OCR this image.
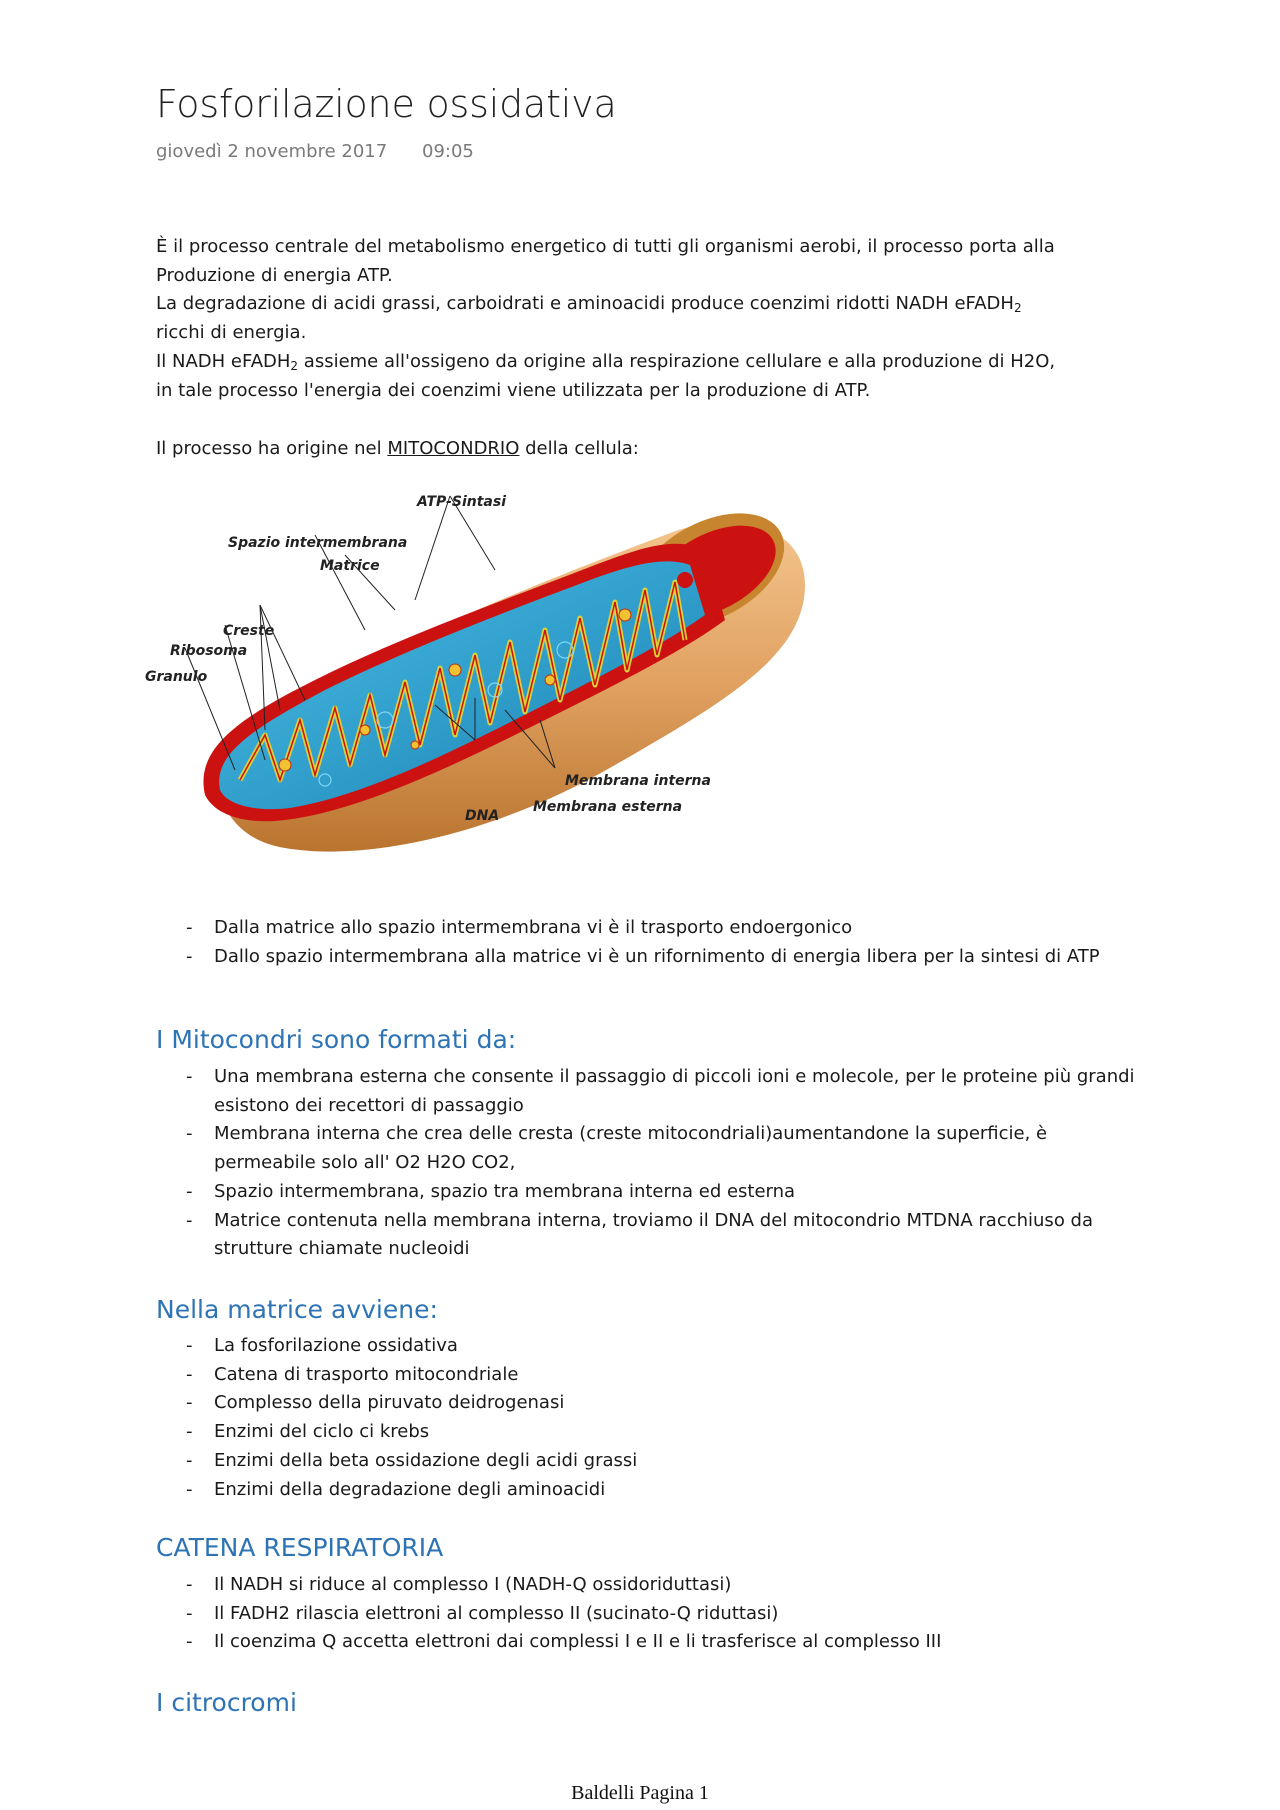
Fosforilazione ossidativa
giovedì 2 novembre 2017 09:05
È il processo centrale del metabolismo energetico di tutti gli organismi aerobi, il processo porta alla
Produzione di energia ATP.
La degradazione di acidi grassi, carboidrati e aminoacidi produce coenzimi ridotti NADH eFADH$_2$
ricchi di energia.
Il NADH eFADH$_2$ assieme all'ossigeno da origine alla respirazione cellulare e alla produzione di H2O,
in tale processo l'energia dei coenzimi viene utilizzata per la produzione di ATP.
Il processo ha origine nel MITOCONDRIO della cellula:
ATP-Sintasi
Spazio intermembrana
Matrice
Creste
Ribosoma
Granulo
Membrana interna
Membrana esterna
DNA
- Dalla matrice allo spazio intermembrana vi è il trasporto endoergonico
- Dallo spazio intermembrana alla matrice vi è un rifornimento di energia libera per la sintesi di ATP
I Mitocondri sono formati da:
- Una membrana esterna che consente il passaggio di piccoli ioni e molecole, per le proteine più grandi esistono dei recettori di passaggio
- Membrana interna che crea delle cresta (creste mitocondriali)aumentandone la superficie, è permeabile solo all' O2 H2O CO2,
- Spazio intermembrana, spazio tra membrana interna ed esterna
- Matrice contenuta nella membrana interna, troviamo il DNA del mitocondrio MTDNA racchiuso da strutture chiamate nucleoidi
Nella matrice avviene:
- La fosforilazione ossidativa
- Catena di trasporto mitocondriale
- Complesso della piruvato deidrogenasi
- Enzimi del ciclo ci krebs
- Enzimi della beta ossidazione degli acidi grassi
- Enzimi della degradazione degli aminoacidi
CATENA RESPIRATORIA
- Il NADH si riduce al complesso I (NADH-Q ossidoriduttasi)
- Il FADH2 rilascia elettroni al complesso II (sucinato-Q riduttasi)
- Il coenzima Q accetta elettroni dai complessi I e II e li trasferisce al complesso III
I citrocromi
Baldelli Pagina 1
